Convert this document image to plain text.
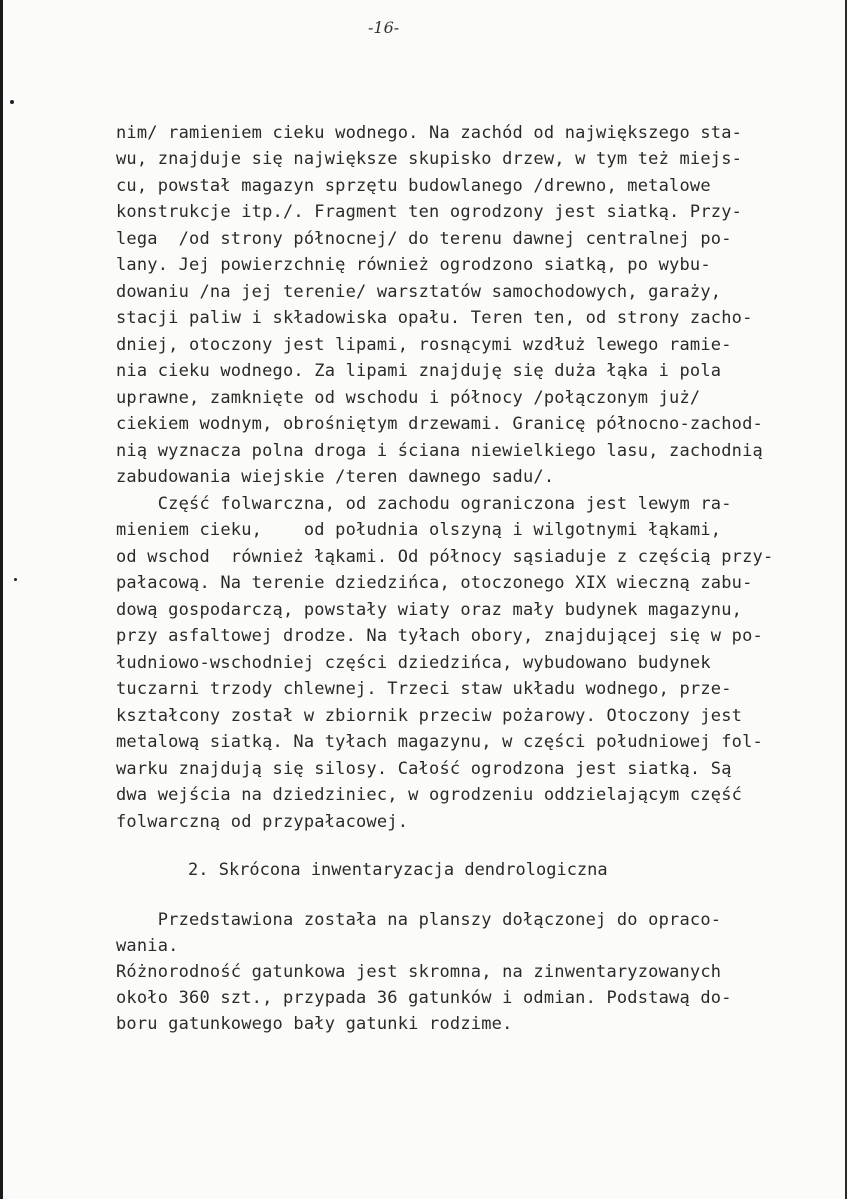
-16-
nim/ ramieniem cieku wodnego. Na zachód od największego sta-
wu, znajduje się największe skupisko drzew, w tym też miejs-
cu, powstał magazyn sprzętu budowlanego /drewno, metalowe
konstrukcje itp./. Fragment ten ogrodzony jest siatką. Przy-
lega  /od strony północnej/ do terenu dawnej centralnej po-
lany. Jej powierzchnię również ogrodzono siatką, po wybu-
dowaniu /na jej terenie/ warsztatów samochodowych, garaży,
stacji paliw i składowiska opału. Teren ten, od strony zacho-
dniej, otoczony jest lipami, rosnącymi wzdłuż lewego ramie-
nia cieku wodnego. Za lipami znajduję się duża łąka i pola
uprawne, zamknięte od wschodu i północy /połączonym już/
ciekiem wodnym, obrośniętym drzewami. Granicę północno-zachod-
nią wyznacza polna droga i ściana niewielkiego lasu, zachodnią
zabudowania wiejskie /teren dawnego sadu/.
Część folwarczna, od zachodu ograniczona jest lewym ra-
mieniem cieku,    od południa olszyną i wilgotnymi łąkami,
od wschod  również łąkami. Od północy sąsiaduje z częścią przy-
pałacową. Na terenie dziedzińca, otoczonego XIX wieczną zabu-
dową gospodarczą, powstały wiaty oraz mały budynek magazynu,
przy asfaltowej drodze. Na tyłach obory, znajdującej się w po-
łudniowo-wschodniej części dziedzińca, wybudowano budynek
tuczarni trzody chlewnej. Trzeci staw układu wodnego, prze-
kształcony został w zbiornik przeciw pożarowy. Otoczony jest
metalową siatką. Na tyłach magazynu, w części południowej fol-
warku znajdują się silosy. Całość ogrodzona jest siatką. Są
dwa wejścia na dziedziniec, w ogrodzeniu oddzielającym część
folwarczną od przypałacowej.
2. Skrócona inwentaryzacja dendrologiczna
Przedstawiona została na planszy dołączonej do opraco-
wania.
Różnorodność gatunkowa jest skromna, na zinwentaryzowanych
około 360 szt., przypada 36 gatunków i odmian. Podstawą do-
boru gatunkowego bały gatunki rodzime.
